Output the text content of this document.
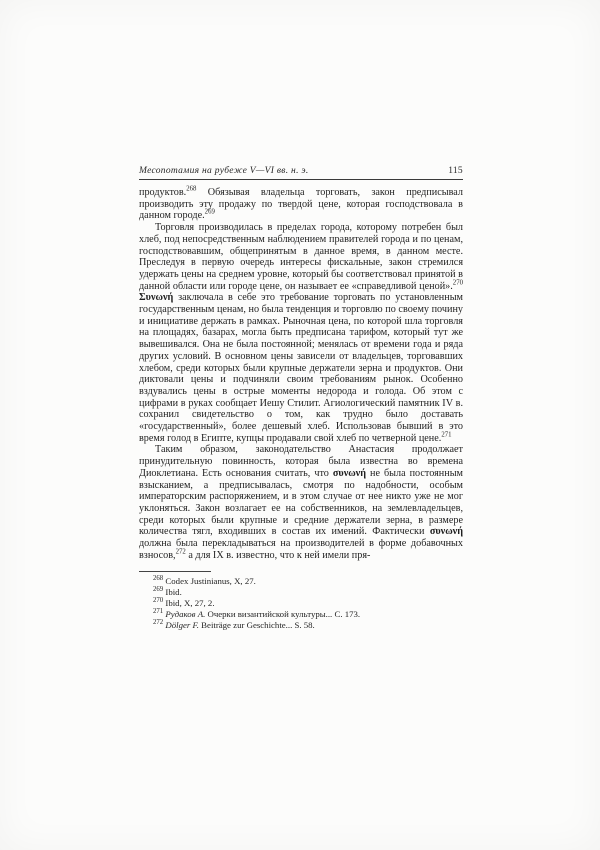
Месопотамия на рубеже V—VI вв. н. э.	115

продуктов.$^{268}$ Обязывая владельца торговать, закон предписывал производить эту продажу по твердой цене, которая господствовала в данном городе.$^{269}$

Торговля производилась в пределах города, которому потребен был хлеб, под непосредственным наблюдением правителей города и по ценам, господствовавшим, общепринятым в данное время, в данном месте. Преследуя в первую очередь интересы фискальные, закон стремился удержать цены на среднем уровне, который бы соответствовал принятой в данной области или городе цене, он называет ее «справедливой ценой».$^{270}$ Συνωνή заключала в себе это требование торговать по установленным государственным ценам, но была тенденция и торговлю по своему почину и инициативе держать в рамках. Рыночная цена, по которой шла торговля на площадях, базарах, могла быть предписана тарифом, который тут же вывешивался. Она не была постоянной; менялась от времени года и ряда других условий. В основном цены зависели от владельцев, торговавших хлебом, среди которых были крупные держатели зерна и продуктов. Они диктовали цены и подчиняли своим требованиям рынок. Особенно вздувались цены в острые моменты недорода и голода. Об этом с цифрами в руках сообщает Иешу Стилит. Агиологический памятник IV в. сохранил свидетельство о том, как трудно было доставать «государственный», более дешевый хлеб. Использовав бывший в это время голод в Египте, купцы продавали свой хлеб по четверной цене.$^{271}$

Таким образом, законодательство Анастасия продолжает принудительную повинность, которая была известна во времена Диоклетиана. Есть основания считать, что συνωνή не была постоянным взысканием, а предписывалась, смотря по надобности, особым императорским распоряжением, и в этом случае от нее никто уже не мог уклоняться. Закон возлагает ее на собственников, на землевладельцев, среди которых были крупные и средние держатели зерна, в размере количества тягл, входивших в состав их имений. Фактически συνωνή должна была перекладываться на производителей в форме добавочных взносов,$^{272}$ а для IX в. известно, что к ней имели пря-

$^{268}$ Codex Justinianus, X, 27.

$^{269}$ Ibid.

$^{270}$ Ibid, X, 27, 2.

$^{271}$ Рудаков А. Очерки византийской культуры... С. 173.

$^{272}$ Dölger F. Beiträge zur Geschichte... S. 58.
